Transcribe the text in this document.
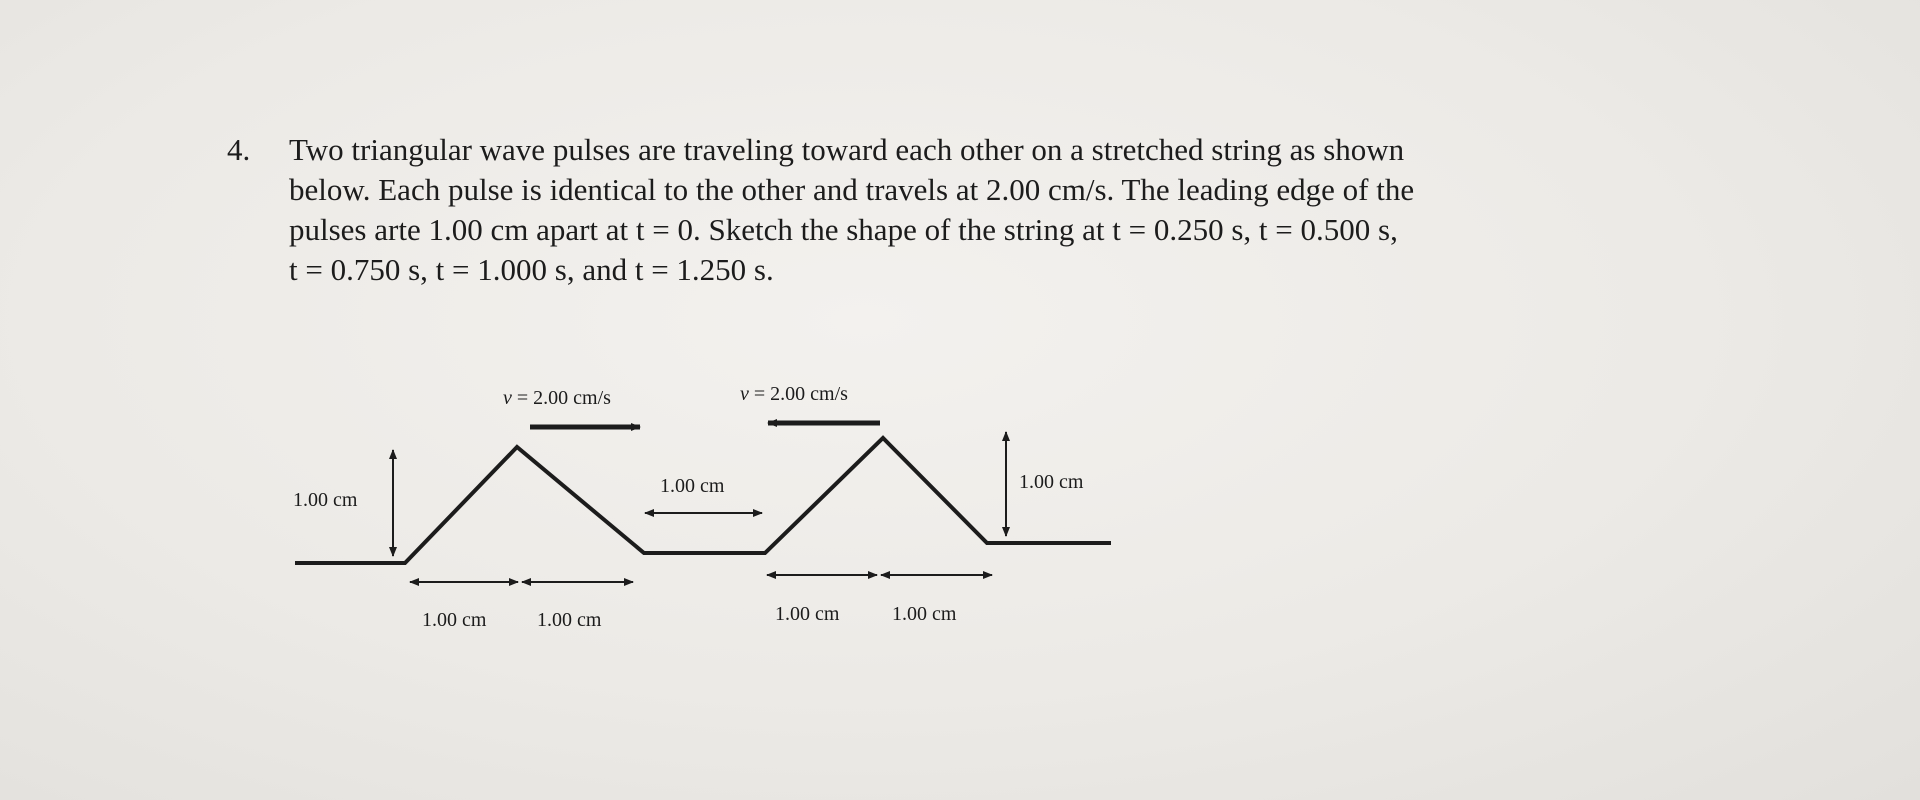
4. Two triangular wave pulses are traveling toward each other on a stretched string as shown
below. Each pulse is identical to the other and travels at 2.00 cm/s. The leading edge of the
pulses arte 1.00 cm apart at t = 0. Sketch the shape of the string at t = 0.250 s, t = 0.500 s,
t = 0.750 s, t = 1.000 s, and t = 1.250 s.

v = 2.00 cm/s	v = 2.00 cm/s
1.00 cm
1.00 cm
1.00 cm
1.00 cm	1.00 cm	1.00 cm	1.00 cm
